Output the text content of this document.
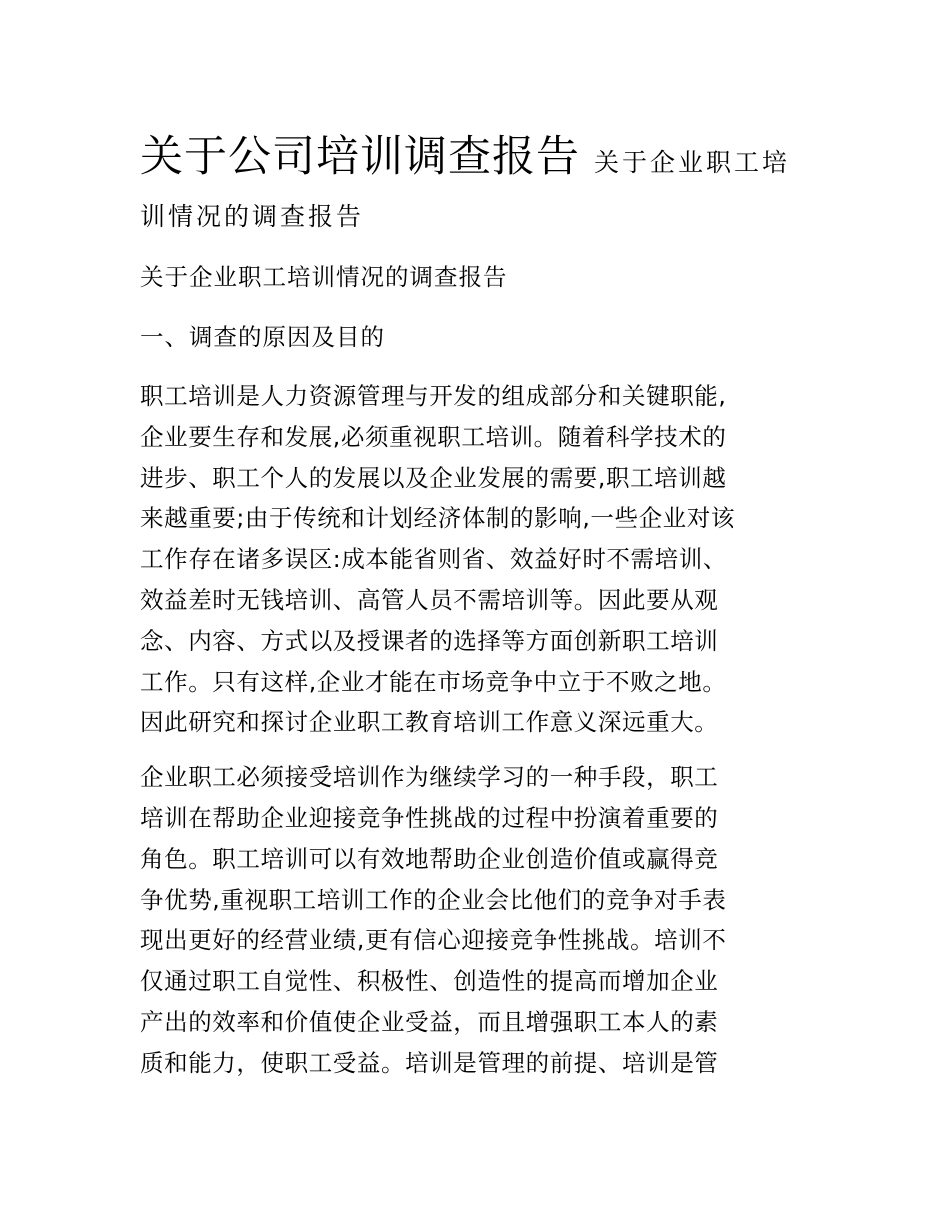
关于公司培训调查报告 关于企业职工培
训情况的调查报告
关于企业职工培训情况的调查报告
一、调查的原因及目的
职工培训是人力资源管理与开发的组成部分和关键职能,
企业要生存和发展,必须重视职工培训。随着科学技术的
进步、职工个人的发展以及企业发展的需要,职工培训越
来越重要;由于传统和计划经济体制的影响,一些企业对该
工作存在诸多误区:成本能省则省、效益好时不需培训、
效益差时无钱培训、高管人员不需培训等。因此要从观
念、内容、方式以及授课者的选择等方面创新职工培训
工作。只有这样,企业才能在市场竞争中立于不败之地。
因此研究和探讨企业职工教育培训工作意义深远重大。
企业职工必须接受培训作为继续学习的一种手段，职工
培训在帮助企业迎接竞争性挑战的过程中扮演着重要的
角色。职工培训可以有效地帮助企业创造价值或赢得竞
争优势,重视职工培训工作的企业会比他们的竞争对手表
现出更好的经营业绩,更有信心迎接竞争性挑战。培训不
仅通过职工自觉性、积极性、创造性的提高而增加企业
产出的效率和价值使企业受益，而且增强职工本人的素
质和能力，使职工受益。培训是管理的前提、培训是管
